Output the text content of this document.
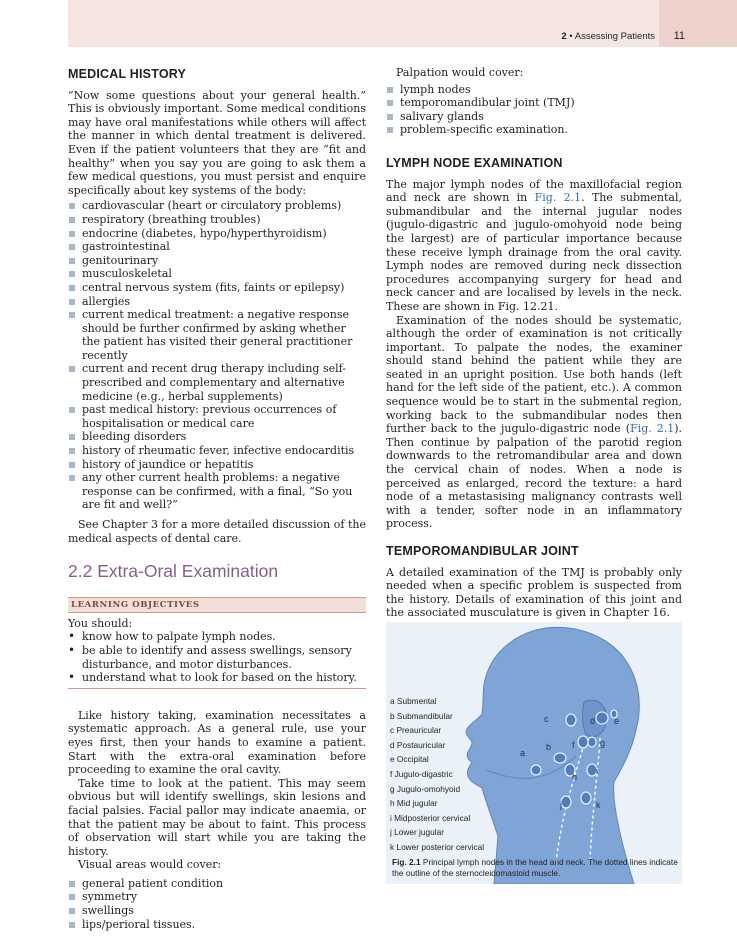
2 • Assessing Patients 11
MEDICAL HISTORY

“Now some questions about your general health.” This is obviously important. Some medical conditions may have oral manifestations while others will affect the manner in which dental treatment is delivered. Even if the patient volunteers that they are “fit and healthy” when you say you are going to ask them a few medical questions, you must persist and enquire specifically about key systems of the body:

cardiovascular (heart or circulatory problems)
respiratory (breathing troubles)
endocrine (diabetes, hypo/hyperthyroidism)
gastrointestinal
genitourinary
musculoskeletal
central nervous system (fits, faints or epilepsy)
allergies
current medical treatment: a negative response should be further confirmed by asking whether the patient has visited their general practitioner recently
current and recent drug therapy including self-prescribed and complementary and alternative medicine (e.g., herbal supplements)
past medical history: previous occurrences of hospitalisation or medical care
bleeding disorders
history of rheumatic fever, infective endocarditis
history of jaundice or hepatitis
any other current health problems: a negative response can be confirmed, with a final, “So you are fit and well?”

See Chapter 3 for a more detailed discussion of the medical aspects of dental care.

2.2 Extra-Oral Examination
LEARNING OBJECTIVES

You should:

• know how to palpate lymph nodes.
• be able to identify and assess swellings, sensory disturbance, and motor disturbances.
• understand what to look for based on the history.

Like history taking, examination necessitates a systematic approach. As a general rule, use your eyes first, then your hands to examine a patient. Start with the extra-oral examination before proceeding to examine the oral cavity.

Take time to look at the patient. This may seem obvious but will identify swellings, skin lesions and facial palsies. Facial pallor may indicate anaemia, or that the patient may be about to faint. This process of observation will start while you are taking the history.

Visual areas would cover:

general patient condition
symmetry
swellings
lips/perioral tissues.

Palpation would cover:

lymph nodes
temporomandibular joint (TMJ)
salivary glands
problem-specific examination.
LYMPH NODE EXAMINATION

The major lymph nodes of the maxillofacial region and neck are shown in Fig. 2.1. The submental, submandibular and the internal jugular nodes (jugulo-digastric and jugulo-omohyoid node being the largest) are of particular importance because these receive lymph drainage from the oral cavity. Lymph nodes are removed during neck dissection procedures accompanying surgery for head and neck cancer and are localised by levels in the neck. These are shown in Fig. 12.21.

Examination of the nodes should be systematic, although the order of examination is not critically important. To palpate the nodes, the examiner should stand behind the patient while they are seated in an upright position. Use both hands (left hand for the left side of the patient, etc.). A common sequence would be to start in the submental region, working back to the submandibular nodes then further back to the jugulo-digastric node (Fig. 2.1). Then continue by palpation of the parotid region downwards to the retromandibular area and down the cervical chain of nodes. When a node is perceived as enlarged, record the texture: a hard node of a metastasising malignancy contrasts well with a tender, softer node in an inflammatory process.

TEMPOROMANDIBULAR JOINT

A detailed examination of the TMJ is probably only needed when a specific problem is suspected from the history. Details of examination of this joint and the associated musculature is given in Chapter 16.

a
b
c	d e
f	g
h
i
j	k
a Submental
b Submandibular
c Preauricular
d Postauricular
e Occipital
f Jugulo-digastric
g Jugulo-omohyoid
h Mid jugular
i Midposterior cervical
j Lower jugular
k Lower posterior cervical
Fig. 2.1 Principal lymph nodes in the head and neck. The dotted lines indicate the outline of the sternocleidomastoid muscle.
